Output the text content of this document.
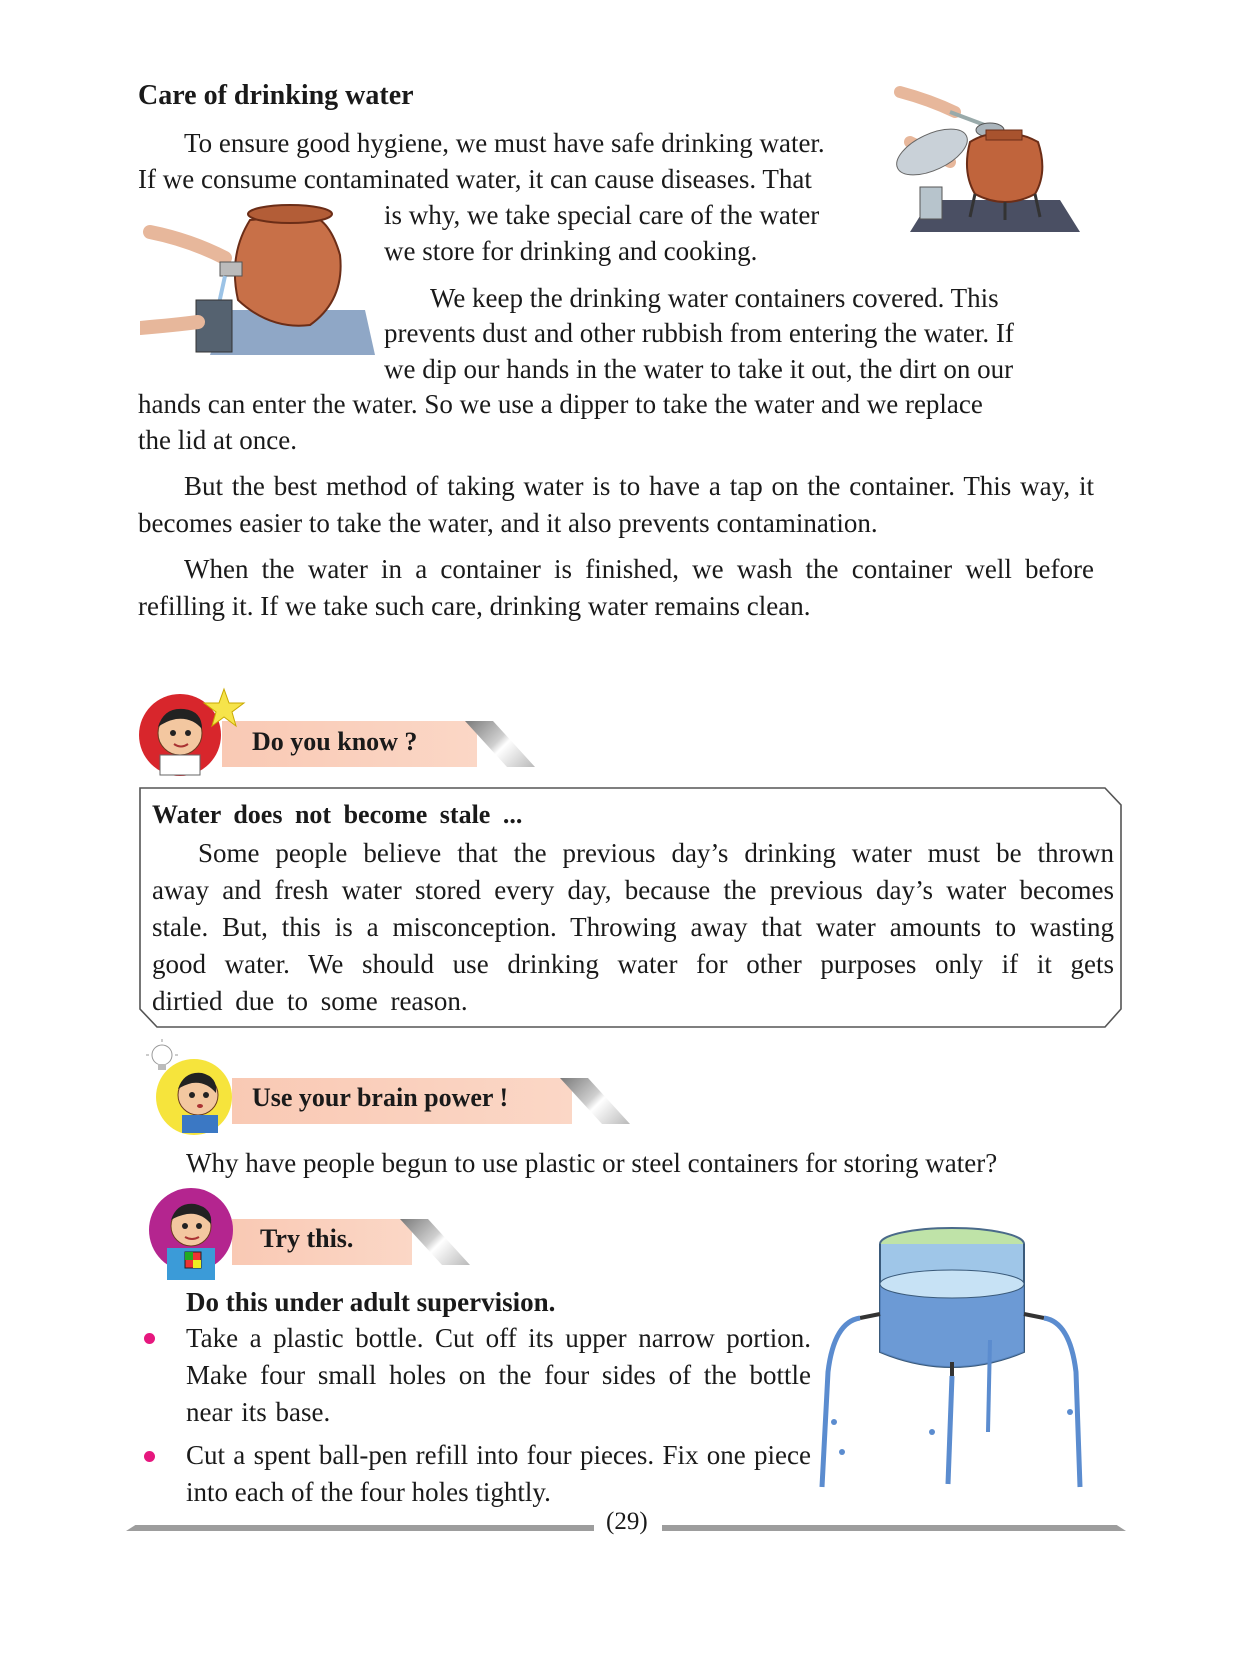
Care of drinking water

To ensure good hygiene, we must have safe drinking water.

If we consume contaminated water, it can cause diseases. That

is why, we take special care of the water

we store for drinking and cooking.

We keep the drinking water containers covered. This

prevents dust and other rubbish from entering the water. If

we dip our hands in the water to take it out, the dirt on our

hands can enter the water. So we use a dipper to take the water and we replace

the lid at once.

But the best method of taking water is to have a tap on the container. This way, it becomes easier to take the water, and it also prevents contamination.

When the water in a container is finished, we wash the container well before refilling it. If we take such care, drinking water remains clean.

Do you know ?
Water does not become stale ...

Some people believe that the previous day’s drinking water must be thrown away and fresh water stored every day, because the previous day’s water becomes stale. But, this is a misconception. Throwing away that water amounts to wasting good water. We should use drinking water for other purposes only if it gets dirtied due to some reason.

Use your brain power !
Why have people begun to use plastic or steel containers for storing water?
Try this.
Do this under adult supervision.

Take a plastic bottle. Cut off its upper narrow portion. Make four small holes on the four sides of the bottle near its base.

Cut a spent ball-pen refill into four pieces. Fix one piece into each of the four holes tightly.

(29)
